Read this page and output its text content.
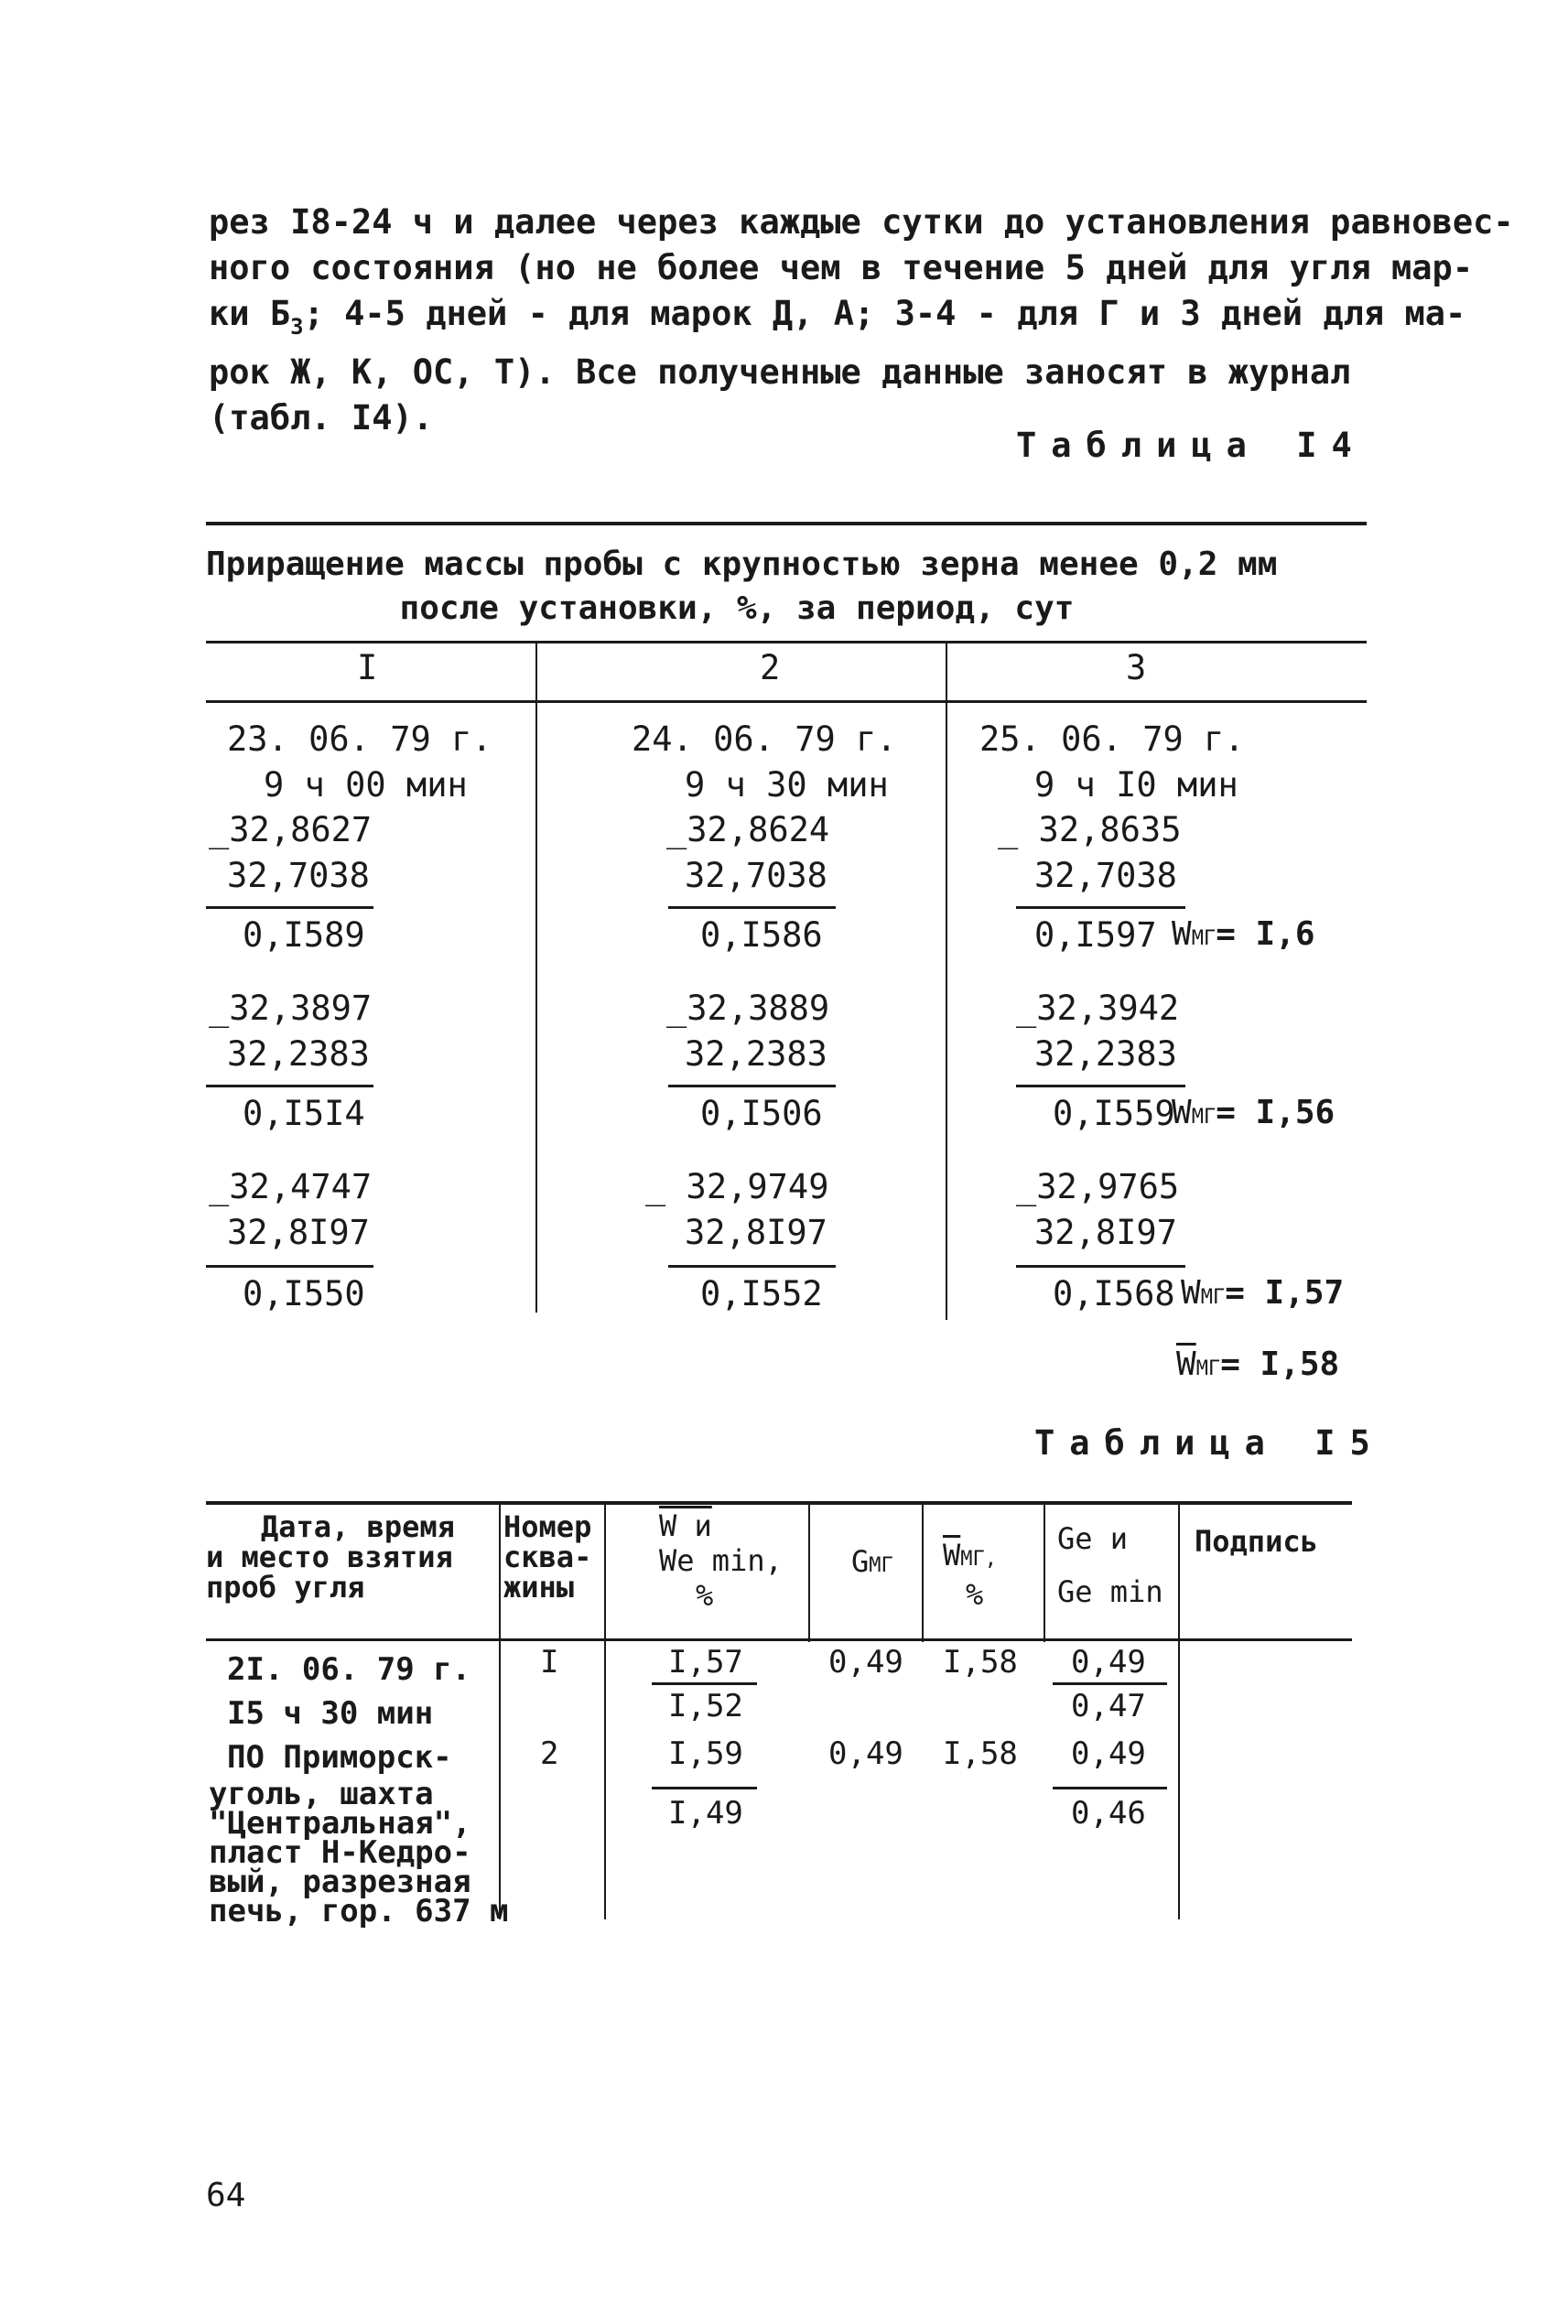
рез I8-24 ч и далее через каждые сутки до установления равновес-
ного состояния (но не более чем в течение 5 дней для угля мар-
ки $Б_3$; 4-5 дней - для марок Д, А; 3-4 - для Г и 3 дней для ма-
рок Ж, К, ОС, Т). Все полученные данные заносят в журнал
(табл. I4).
Таблица I4
Приращение массы пробы с крупностью зерна менее 0,2 мм
после установки, %, за период, сут
I	2	3
23. 06. 79 г.
9 ч 00 мин
_32,8627
32,7038
0,I589
_32,3897
32,2383
0,I5I4
_32,4747
32,8I97
0,I550
24. 06. 79 г.
9 ч 30 мин
_32,8624
32,7038
0,I586
_32,3889
32,2383
0,I506
_ 32,9749
32,8I97
0,I552
25. 06. 79 г.
9 ч I0 мин
_ 32,8635
32,7038
0,I597 WМГ= I,6
_32,3942
32,2383
0,I559
WМГ= I,56
_32,9765
32,8I97
0,I568 WМГ= I,57
$\overline{W}МГ= I,58$
Таблица I5
Дата, время
и место взятия
проб угля
Номер
сква-
жины
W и
We min,
%
GМГ $\overline{W}МГ$,
%
Ge и
Ge min
Подпись
2I. 06. 79 г.
I5 ч 30 мин
ПО Приморск-
уголь, шахта
"Центральная",
пласт Н-Кедро-
вый, разрезная
печь, гор. 637 м
I
2
I,57
I,52
I,59
I,49
0,49
0,49
I,58
I,58
0,49
0,47
0,49
0,46
64
